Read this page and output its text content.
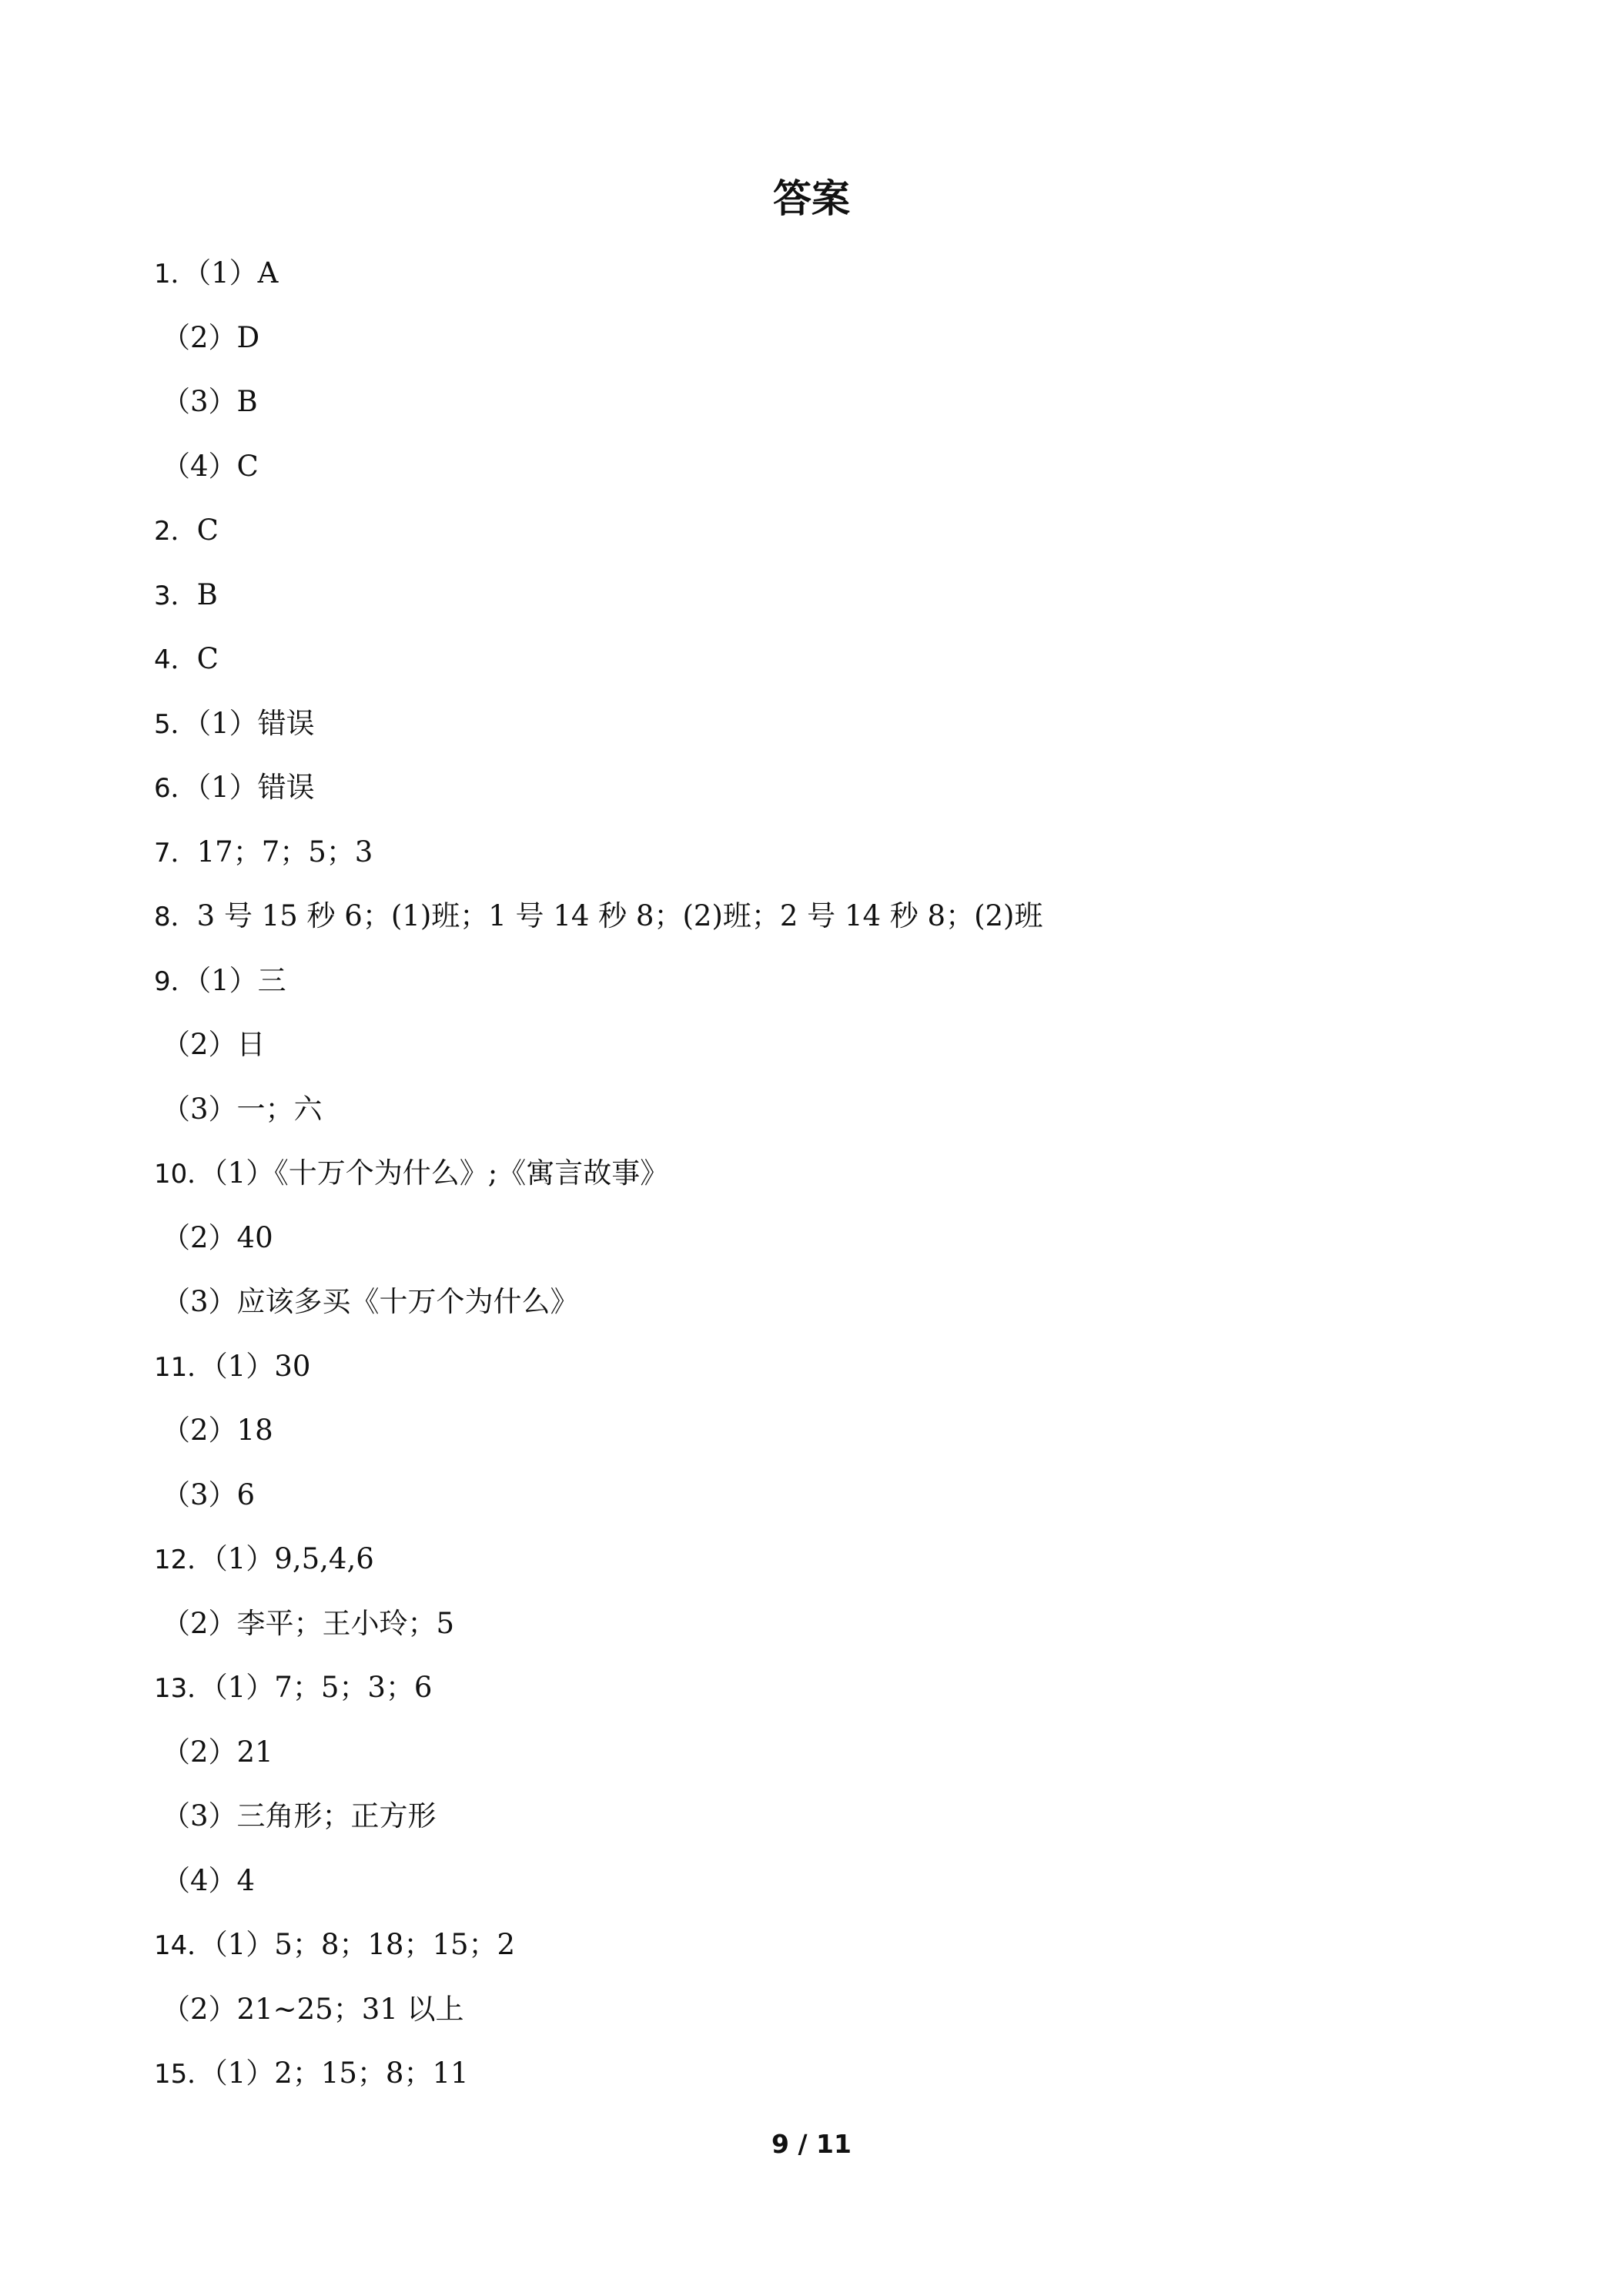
答案
1．（1）A
（2）D
（3）B
（4）C
2．C
3．B
4．C
5．（1）错误
6．（1）错误
7．17；7；5；3
8．3 号 15 秒 6；(1)班；1 号 14 秒 8；(2)班；2 号 14 秒 8；(2)班
9．（1）三
（2）日
（3）一；六
10．（1）《十万个为什么》;《寓言故事》
（2）40
（3）应该多买《十万个为什么》
11．（1）30
（2）18
（3）6
12．（1）9,5,4,6
（2）李平；王小玲；5
13．（1）7；5；3；6
（2）21
（3）三角形；正方形
（4）4
14．（1）5；8；18；15；2
（2）21~25；31 以上
15．（1）2；15；8；11
9 / 11
